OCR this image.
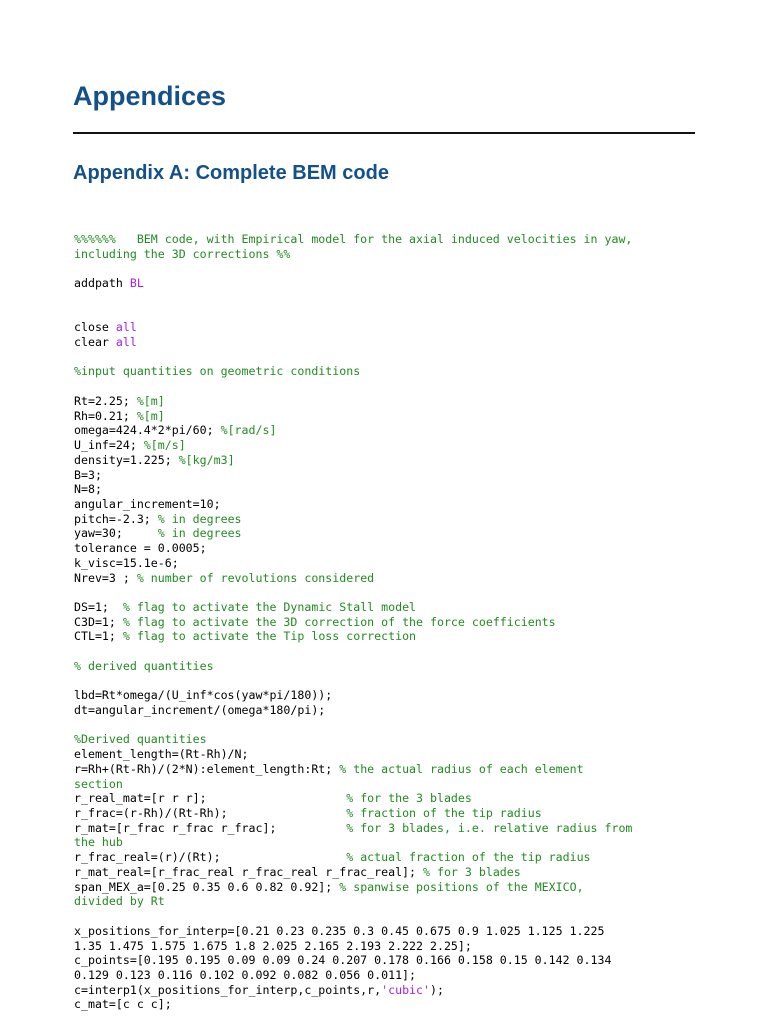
Appendices
Appendix A: Complete BEM code
%%%%%%   BEM code, with Empirical model for the axial induced velocities in yaw,
including the 3D corrections %%
addpath BL
close all
clear all
%input quantities on geometric conditions
Rt=2.25; %[m]
Rh=0.21; %[m]
omega=424.4*2*pi/60; %[rad/s]
U_inf=24; %[m/s]
density=1.225; %[kg/m3]
B=3;
N=8;
angular_increment=10;
pitch=-2.3; % in degrees
yaw=30;     % in degrees
tolerance = 0.0005;
k_visc=15.1e-6;
Nrev=3 ; % number of revolutions considered
DS=1;  % flag to activate the Dynamic Stall model
C3D=1; % flag to activate the 3D correction of the force coefficients
CTL=1; % flag to activate the Tip loss correction
% derived quantities
lbd=Rt*omega/(U_inf*cos(yaw*pi/180));
dt=angular_increment/(omega*180/pi);
%Derived quantities
element_length=(Rt-Rh)/N;
r=Rh+(Rt-Rh)/(2*N):element_length:Rt; % the actual radius of each element
section
r_real_mat=[r r r];                    % for the 3 blades
r_frac=(r-Rh)/(Rt-Rh);                 % fraction of the tip radius
r_mat=[r_frac r_frac r_frac];          % for 3 blades, i.e. relative radius from
the hub
r_frac_real=(r)/(Rt);                  % actual fraction of the tip radius
r_mat_real=[r_frac_real r_frac_real r_frac_real]; % for 3 blades
span_MEX_a=[0.25 0.35 0.6 0.82 0.92]; % spanwise positions of the MEXICO,
divided by Rt
x_positions_for_interp=[0.21 0.23 0.235 0.3 0.45 0.675 0.9 1.025 1.125 1.225
1.35 1.475 1.575 1.675 1.8 2.025 2.165 2.193 2.222 2.25];
c_points=[0.195 0.195 0.09 0.09 0.24 0.207 0.178 0.166 0.158 0.15 0.142 0.134
0.129 0.123 0.116 0.102 0.092 0.082 0.056 0.011];
c=interp1(x_positions_for_interp,c_points,r,'cubic');
c_mat=[c c c];
